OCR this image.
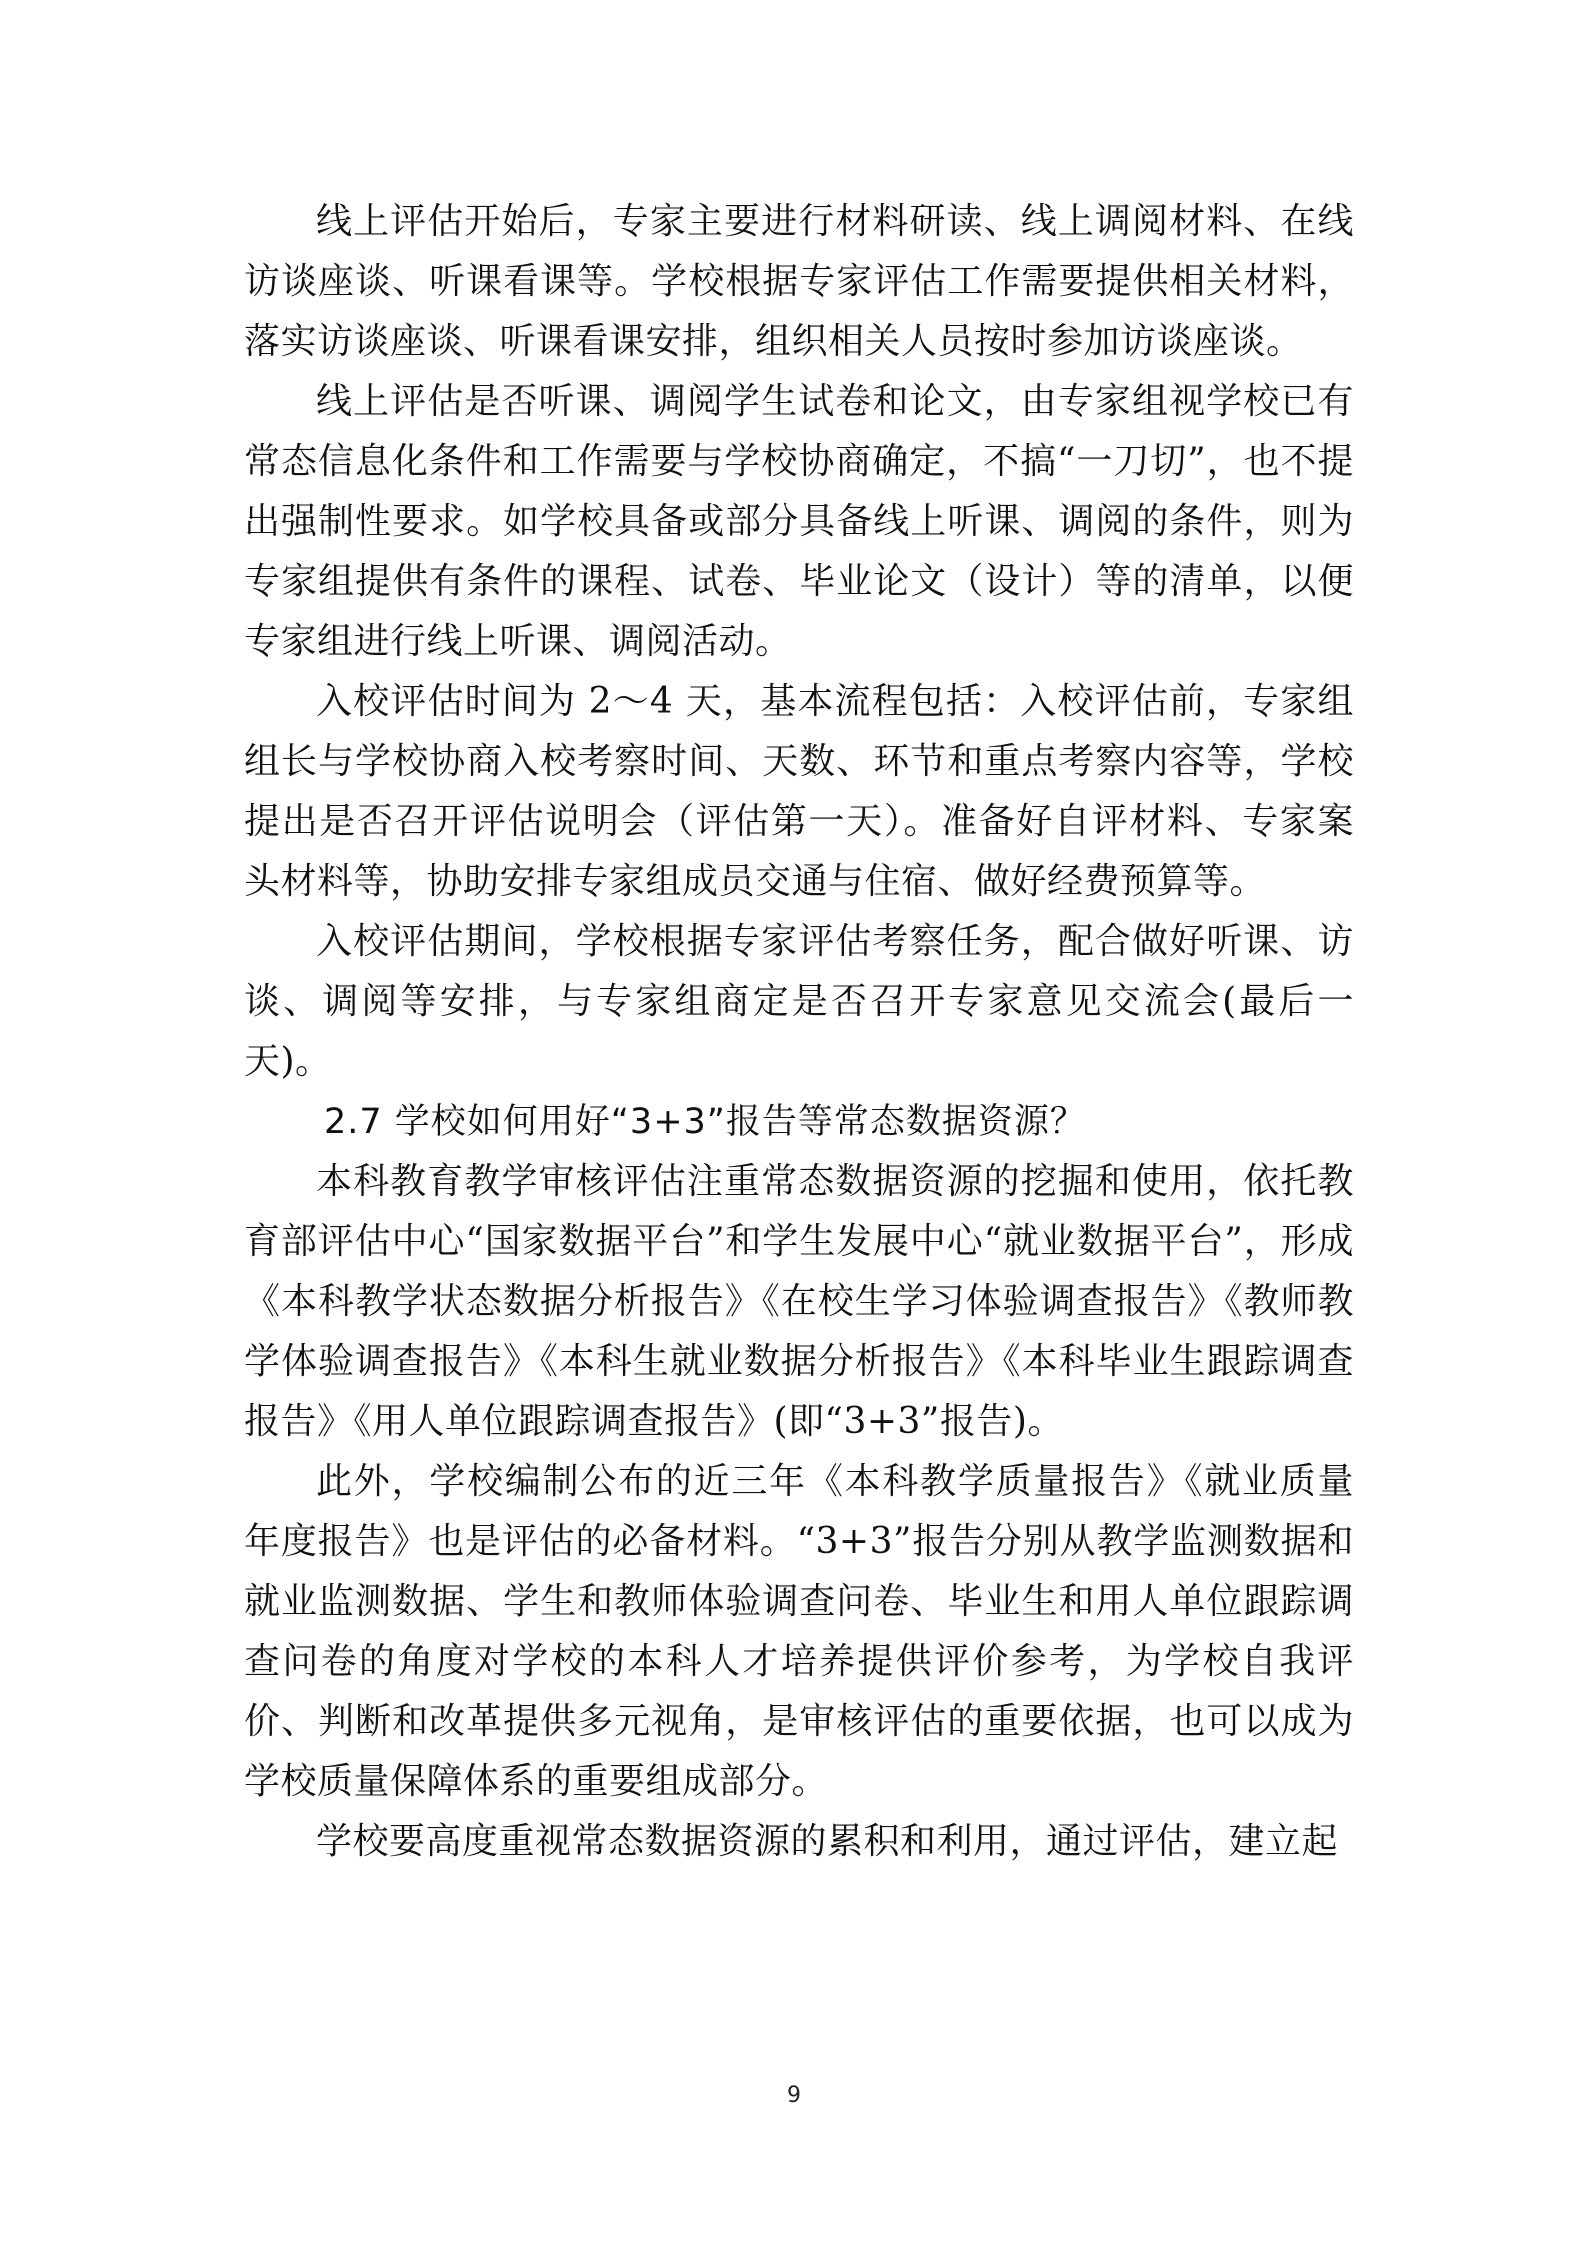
线上评估开始后，专家主要进行材料研读、线上调阅材料、在线访谈座谈、听课看课等。学校根据专家评估工作需要提供相关材料，落实访谈座谈、听课看课安排，组织相关人员按时参加访谈座谈。

线上评估是否听课、调阅学生试卷和论文，由专家组视学校已有常态信息化条件和工作需要与学校协商确定，不搞“一刀切”，也不提出强制性要求。如学校具备或部分具备线上听课、调阅的条件，则为专家组提供有条件的课程、试卷、毕业论文（设计）等的清单，以便专家组进行线上听课、调阅活动。

入校评估时间为 2～4 天，基本流程包括：入校评估前，专家组组长与学校协商入校考察时间、天数、环节和重点考察内容等，学校提出是否召开评估说明会（评估第一天）。准备好自评材料、专家案头材料等，协助安排专家组成员交通与住宿、做好经费预算等。

入校评估期间，学校根据专家评估考察任务，配合做好听课、访谈、调阅等安排，与专家组商定是否召开专家意见交流会(最后一天)。

2.7 学校如何用好“3+3”报告等常态数据资源？

本科教育教学审核评估注重常态数据资源的挖掘和使用，依托教育部评估中心“国家数据平台”和学生发展中心“就业数据平台”，形成《本科教学状态数据分析报告》《在校生学习体验调查报告》《教师教学体验调查报告》《本科生就业数据分析报告》《本科毕业生跟踪调查报告》《用人单位跟踪调查报告》(即“3+3”报告)。

此外，学校编制公布的近三年《本科教学质量报告》《就业质量年度报告》也是评估的必备材料。“3+3”报告分别从教学监测数据和就业监测数据、学生和教师体验调查问卷、毕业生和用人单位跟踪调查问卷的角度对学校的本科人才培养提供评价参考，为学校自我评价、判断和改革提供多元视角，是审核评估的重要依据，也可以成为学校质量保障体系的重要组成部分。

学校要高度重视常态数据资源的累积和利用，通过评估，建立起

9
